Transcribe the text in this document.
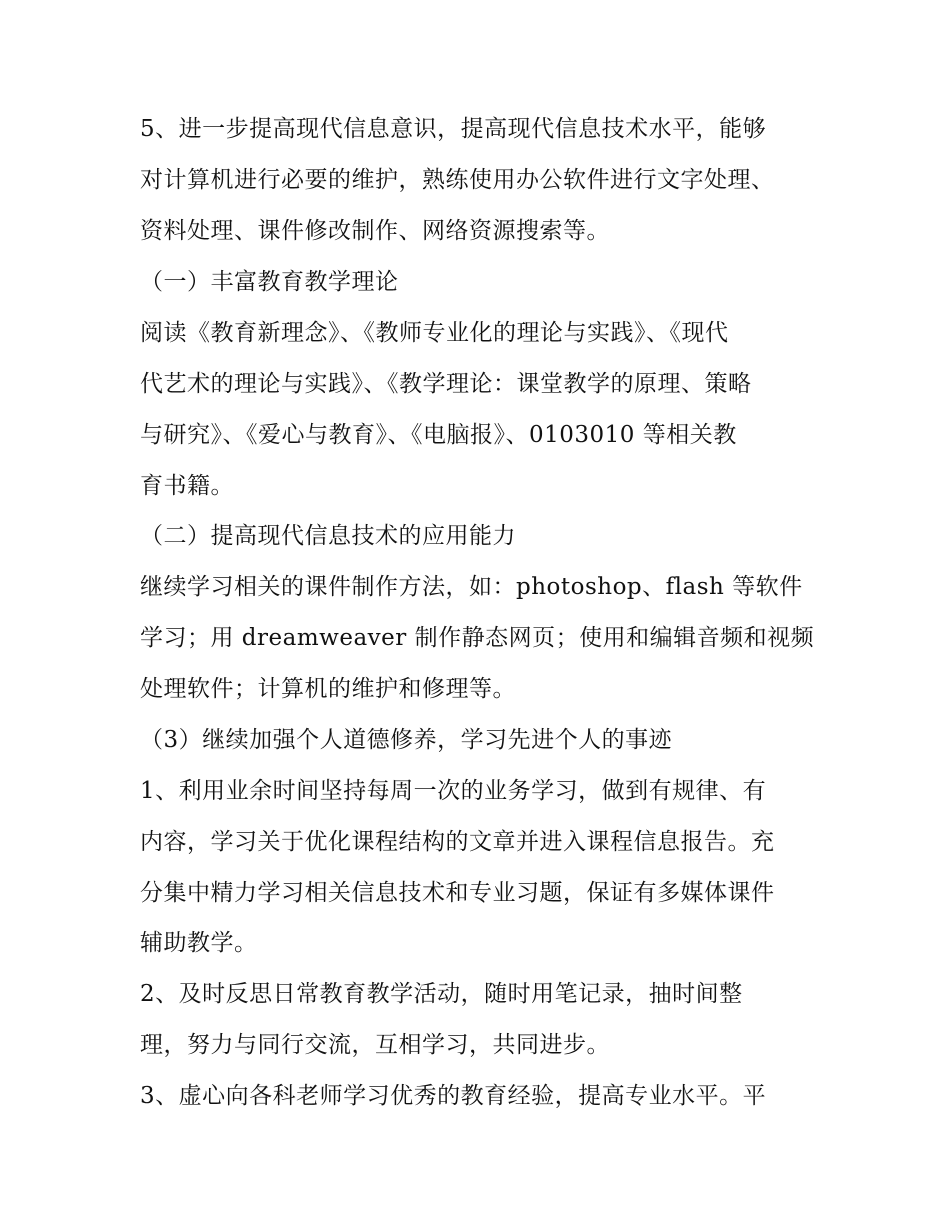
5、进一步提高现代信息意识，提高现代信息技术水平，能够
对计算机进行必要的维护，熟练使用办公软件进行文字处理、
资料处理、课件修改制作、网络资源搜索等。
（一）丰富教育教学理论
阅读《教育新理念》、《教师专业化的理论与实践》、《现代
代艺术的理论与实践》、《教学理论：课堂教学的原理、策略
与研究》、《爱心与教育》、《电脑报》、0103010 等相关教
育书籍。
（二）提高现代信息技术的应用能力
继续学习相关的课件制作方法，如：photoshop、flash 等软件
学习；用 dreamweaver 制作静态网页；使用和编辑音频和视频
处理软件；计算机的维护和修理等。
（3）继续加强个人道德修养，学习先进个人的事迹
1、利用业余时间坚持每周一次的业务学习，做到有规律、有
内容，学习关于优化课程结构的文章并进入课程信息报告。充
分集中精力学习相关信息技术和专业习题，保证有多媒体课件
辅助教学。
2、及时反思日常教育教学活动，随时用笔记录，抽时间整
理，努力与同行交流，互相学习，共同进步。
3、虚心向各科老师学习优秀的教育经验，提高专业水平。平
